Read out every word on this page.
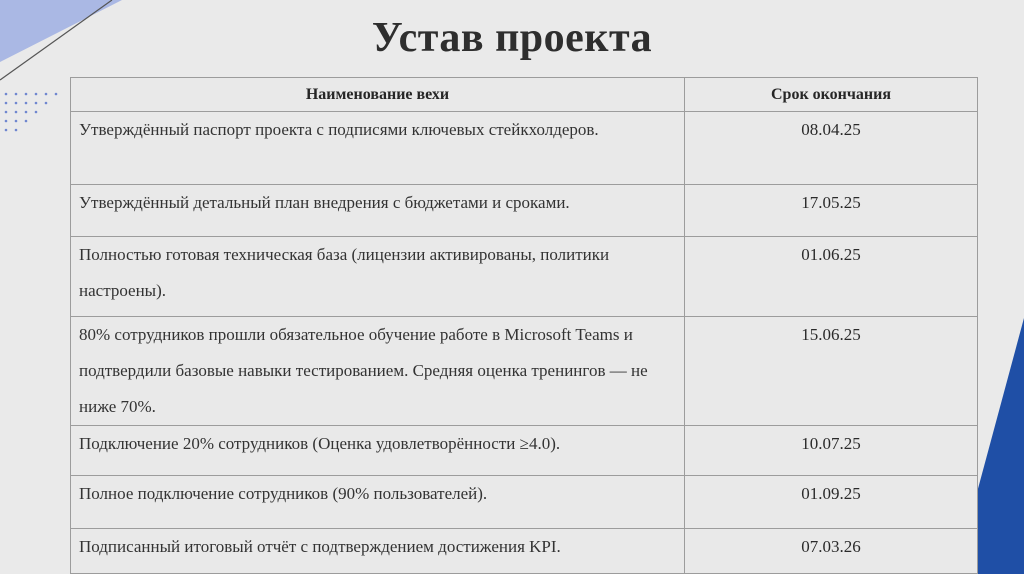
Устав проекта
Наименование вехи	Срок окончания
Утверждённый паспорт проекта с подписями ключевых стейкхолдеров.	08.04.25
Утверждённый детальный план внедрения с бюджетами и сроками.	17.05.25
Полностью готовая техническая база (лицензии активированы, политики настроены).	01.06.25
80% сотрудников прошли обязательное обучение работе в Microsoft Teams и подтвердили базовые навыки тестированием. Средняя оценка тренингов — не ниже 70%.	15.06.25
Подключение 20% сотрудников (Оценка удовлетворённости ≥4.0).	10.07.25
Полное подключение сотрудников (90% пользователей).	01.09.25
Подписанный итоговый отчёт с подтверждением достижения KPI.	07.03.26
